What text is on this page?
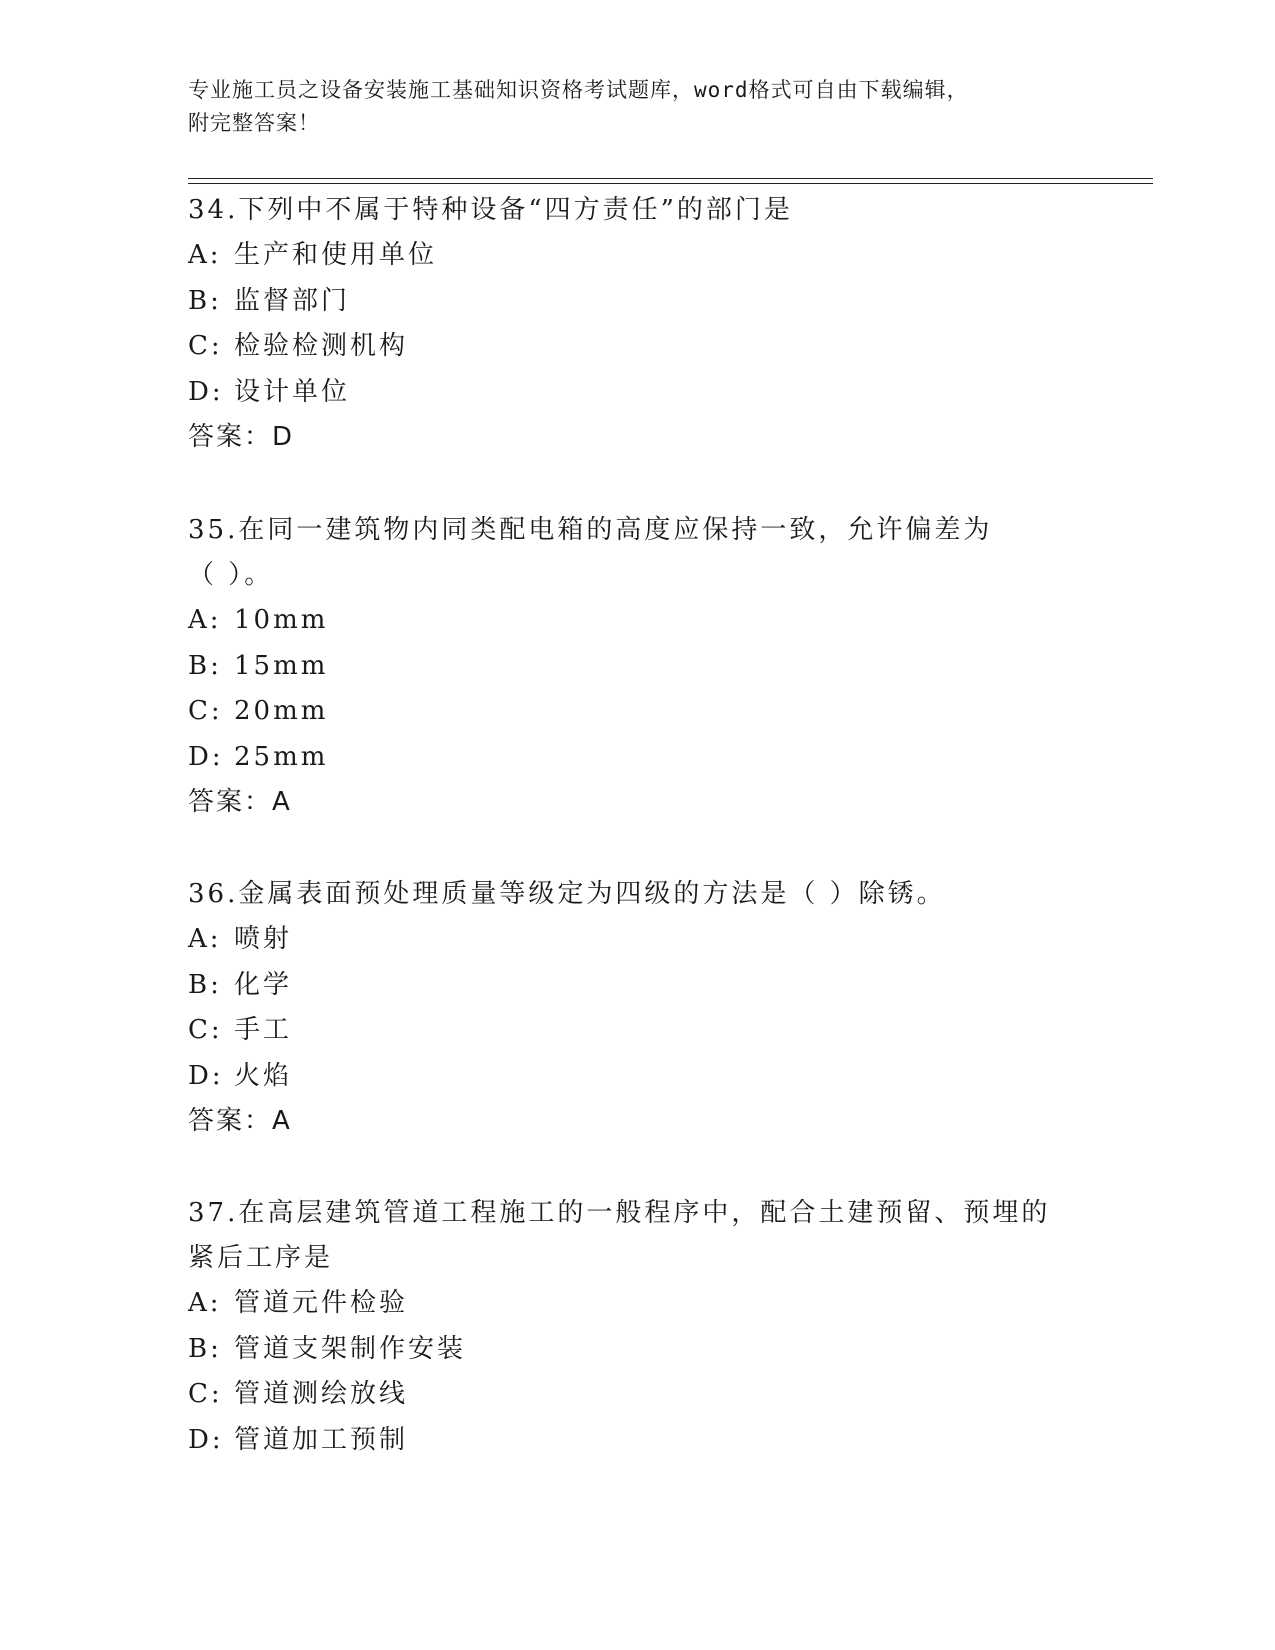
专业施工员之设备安装施工基础知识资格考试题库，word格式可自由下载编辑，
附完整答案！
34.下列中不属于特种设备“四方责任”的部门是
A: 生产和使用单位
B: 监督部门
C: 检验检测机构
D: 设计单位
答案：D
35.在同一建筑物内同类配电箱的高度应保持一致，允许偏差为（ ）。
A: 10mm
B: 15mm
C: 20mm
D: 25mm
答案：A
36.金属表面预处理质量等级定为四级的方法是（ ）除锈。
A: 喷射
B: 化学
C: 手工
D: 火焰
答案：A
37.在高层建筑管道工程施工的一般程序中，配合土建预留、预埋的紧后工序是
A: 管道元件检验
B: 管道支架制作安装
C: 管道测绘放线
D: 管道加工预制
